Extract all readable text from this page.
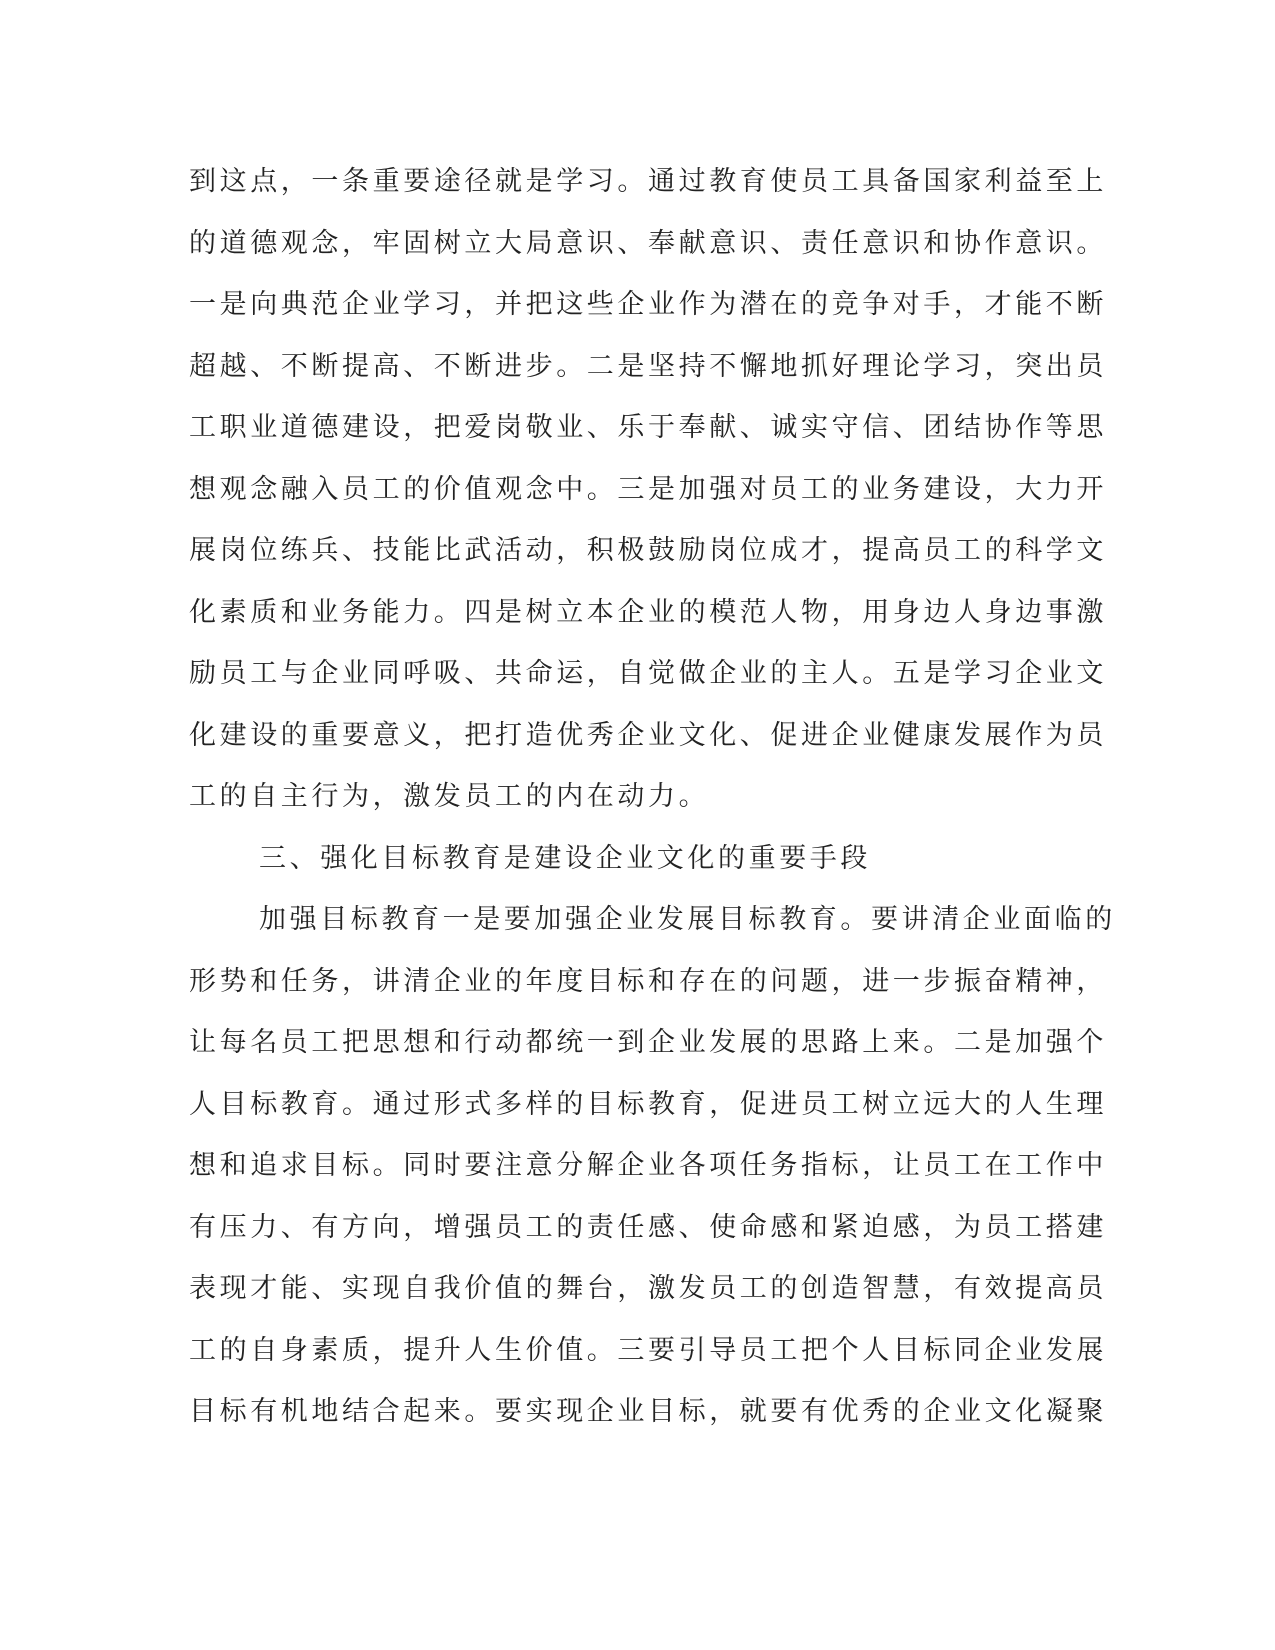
到这点，一条重要途径就是学习。通过教育使员工具备国家利益至上
的道德观念，牢固树立大局意识、奉献意识、责任意识和协作意识。
一是向典范企业学习，并把这些企业作为潜在的竞争对手，才能不断
超越、不断提高、不断进步。二是坚持不懈地抓好理论学习，突出员
工职业道德建设，把爱岗敬业、乐于奉献、诚实守信、团结协作等思
想观念融入员工的价值观念中。三是加强对员工的业务建设，大力开
展岗位练兵、技能比武活动，积极鼓励岗位成才，提高员工的科学文
化素质和业务能力。四是树立本企业的模范人物，用身边人身边事激
励员工与企业同呼吸、共命运，自觉做企业的主人。五是学习企业文
化建设的重要意义，把打造优秀企业文化、促进企业健康发展作为员
工的自主行为，激发员工的内在动力。
三、强化目标教育是建设企业文化的重要手段
加强目标教育一是要加强企业发展目标教育。要讲清企业面临的
形势和任务，讲清企业的年度目标和存在的问题，进一步振奋精神，
让每名员工把思想和行动都统一到企业发展的思路上来。二是加强个
人目标教育。通过形式多样的目标教育，促进员工树立远大的人生理
想和追求目标。同时要注意分解企业各项任务指标，让员工在工作中
有压力、有方向，增强员工的责任感、使命感和紧迫感，为员工搭建
表现才能、实现自我价值的舞台，激发员工的创造智慧，有效提高员
工的自身素质，提升人生价值。三要引导员工把个人目标同企业发展
目标有机地结合起来。要实现企业目标，就要有优秀的企业文化凝聚
